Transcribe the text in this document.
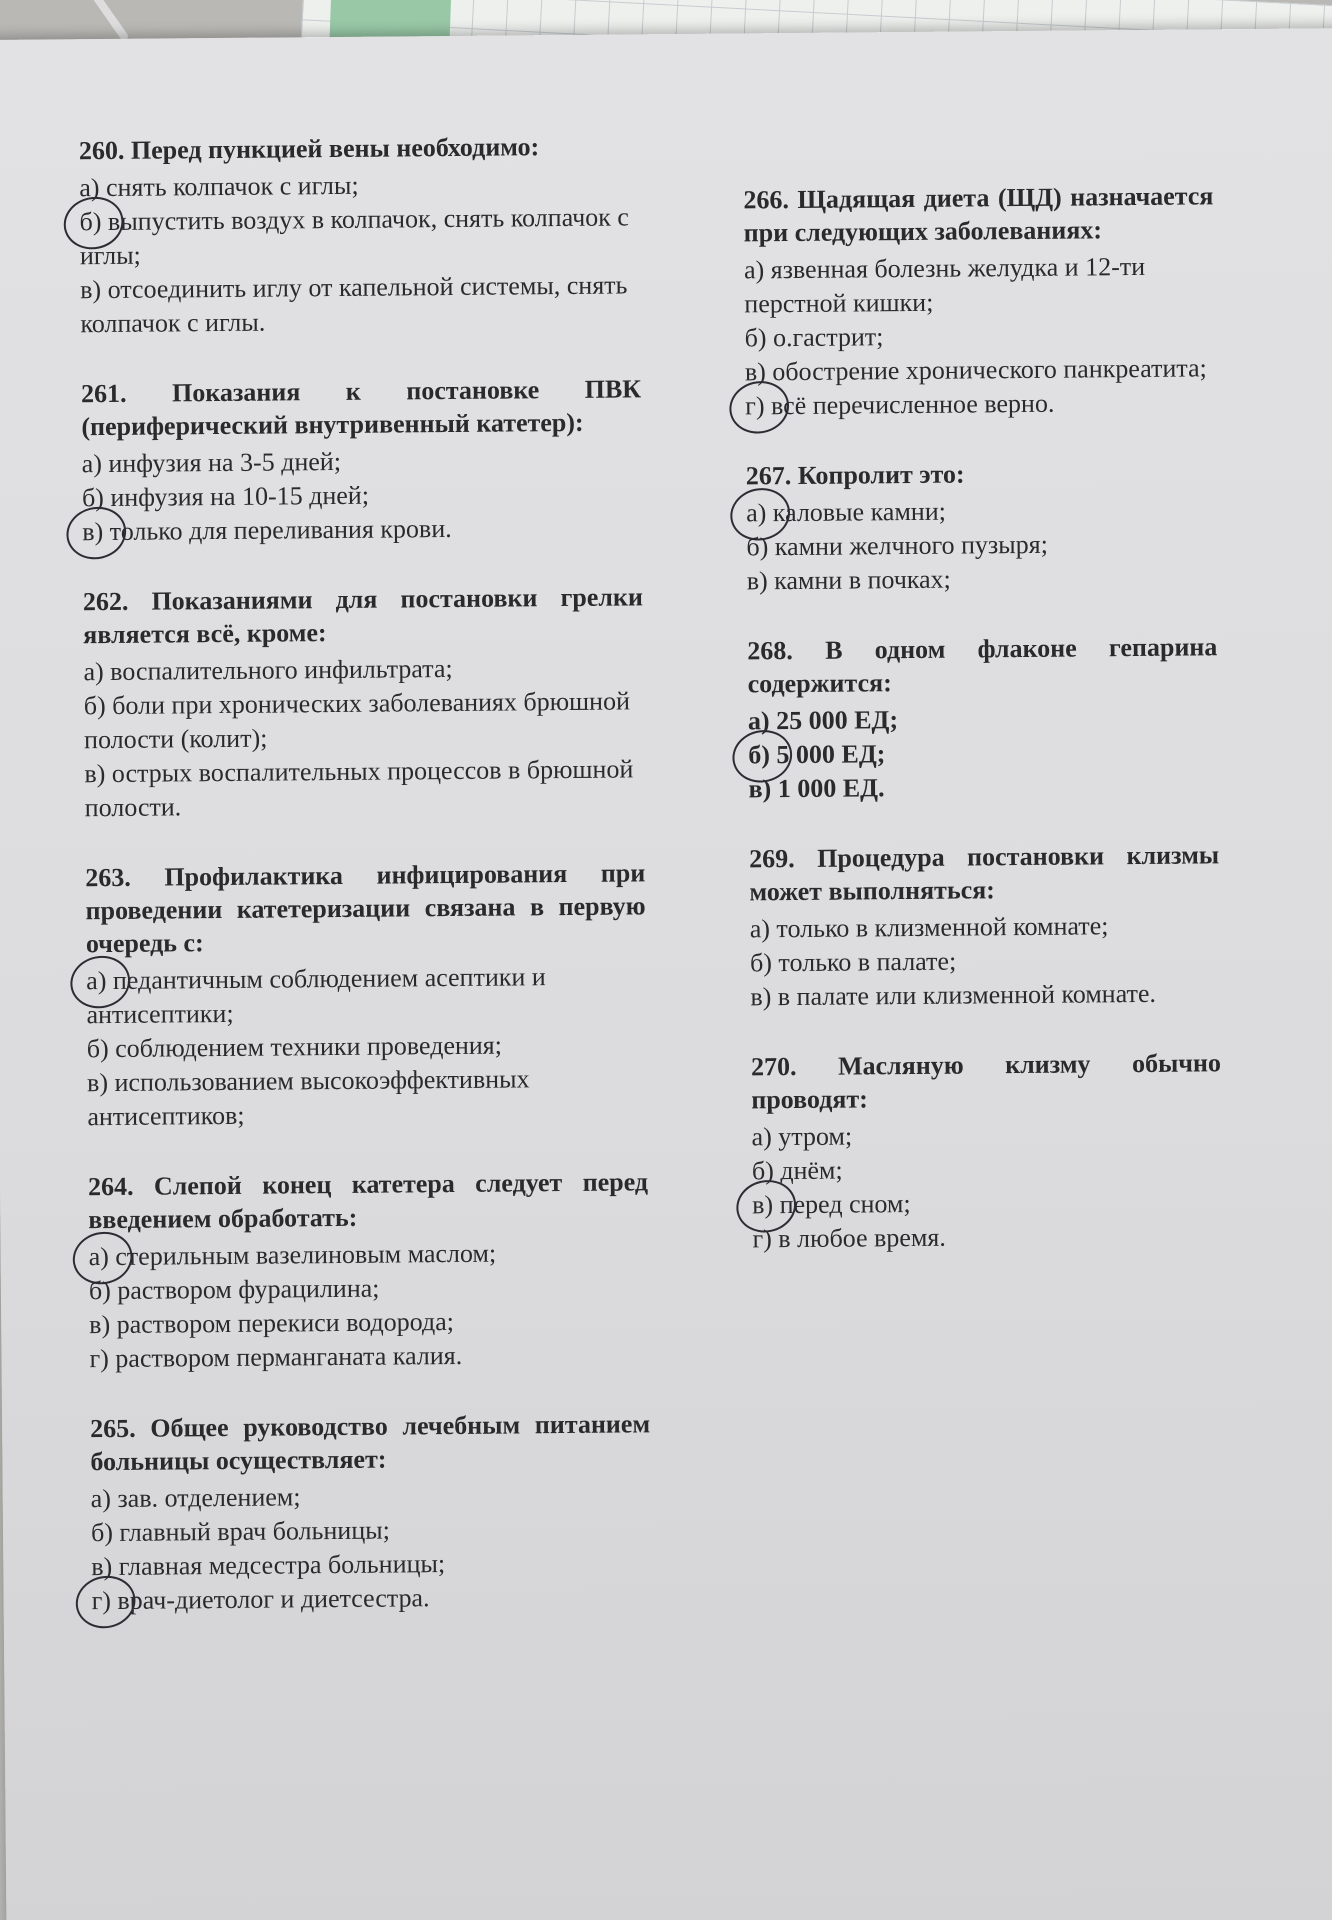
260. Перед пункцией вены необходимо:

а) снять колпачок с иглы;

б) выпустить воздух в колпачок, снять колпачок с иглы;

в) отсоединить иглу от капельной системы, снять колпачок с иглы.

261. Показания к постановке ПВК (периферический внутривенный катетер):

а) инфузия на 3-5 дней;

б) инфузия на 10-15 дней;

в) только для переливания крови.

262. Показаниями для постановки грелки является всё, кроме:

а) воспалительного инфильтрата;

б) боли при хронических заболеваниях брюшной полости (колит);

в) острых воспалительных процессов в брюшной полости.

263. Профилактика инфицирования при проведении катетеризации связана в первую очередь с:

а) педантичным соблюдением асептики и антисептики;

б) соблюдением техники проведения;

в) использованием высокоэффективных антисептиков;

264. Слепой конец катетера следует перед введением обработать:

а) стерильным вазелиновым маслом;

б) раствором фурацилина;

в) раствором перекиси водорода;

г) раствором перманганата калия.

265. Общее руководство лечебным питанием больницы осуществляет:

а) зав. отделением;

б) главный врач больницы;

в) главная медсестра больницы;

г) врач-диетолог и диетсестра.

266. Щадящая диета (ЩД) назначается при следующих заболеваниях:

а) язвенная болезнь желудка и 12-ти перстной кишки;

б) о.гастрит;

в) обострение хронического панкреатита;

г) всё перечисленное верно.

267. Копролит это:

а) каловые камни;

б) камни желчного пузыря;

в) камни в почках;

268. В одном флаконе гепарина содержится:

а) 25 000 ЕД;

б) 5 000 ЕД;

в) 1 000 ЕД.

269. Процедура постановки клизмы может выполняться:

а) только в клизменной комнате;

б) только в палате;

в) в палате или клизменной комнате.

270. Масляную клизму обычно проводят:

а) утром;

б) днём;

в) перед сном;

г) в любое время.
